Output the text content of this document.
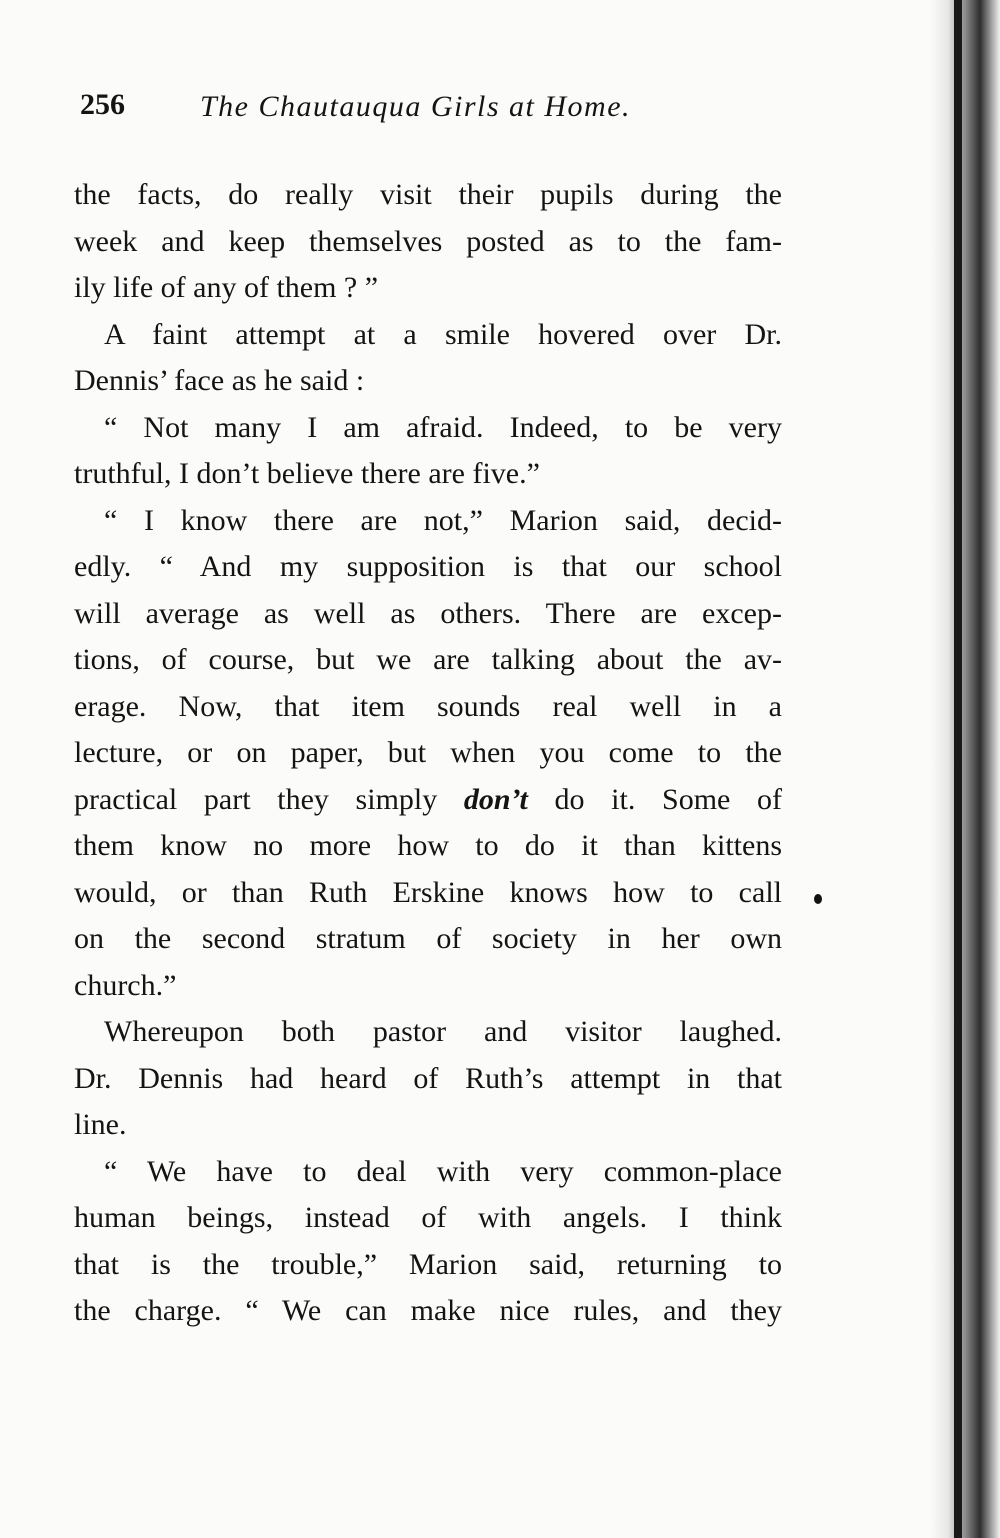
256	The Chautauqua Girls at Home.
the facts, do really visit their pupils during the
week and keep themselves posted as to the fam-
ily life of any of them ? ”
A faint attempt at a smile hovered over Dr.
Dennis’ face as he said :
“ Not many I am afraid. Indeed, to be very
truthful, I don’t believe there are five.”
“ I know there are not,” Marion said, decid-
edly. “ And my supposition is that our school
will average as well as others. There are excep-
tions, of course, but we are talking about the av-
erage. Now, that item sounds real well in a
lecture, or on paper, but when you come to the
practical part they simply don’t do it. Some of
them know no more how to do it than kittens
would, or than Ruth Erskine knows how to call
on the second stratum of society in her own
church.”
Whereupon both pastor and visitor laughed.
Dr. Dennis had heard of Ruth’s attempt in that
line.
“ We have to deal with very common-place
human beings, instead of with angels. I think
that is the trouble,” Marion said, returning to
the charge. “ We can make nice rules, and they
